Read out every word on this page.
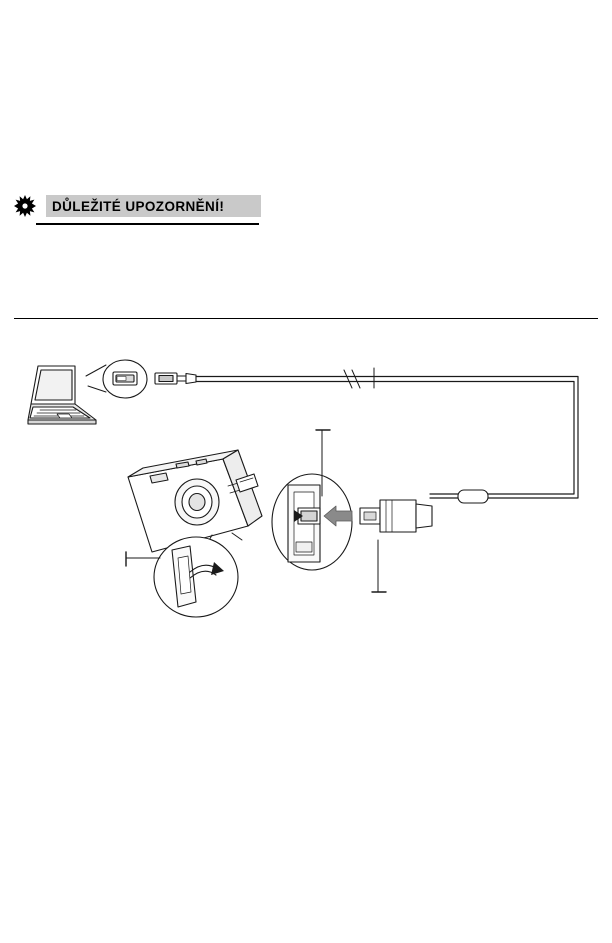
DŮLEŽITÉ UPOZORNĚNÍ!
